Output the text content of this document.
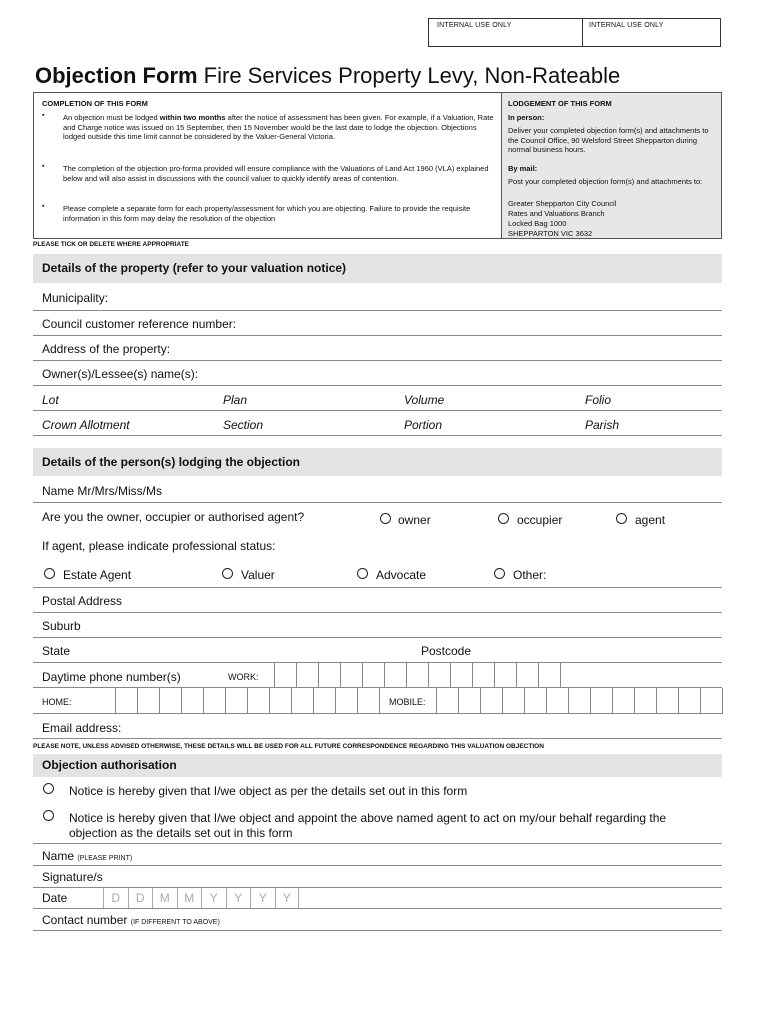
INTERNAL USE ONLY	INTERNAL USE ONLY
Objection Form Fire Services Property Levy, Non-Rateable
COMPLETION OF THIS FORM
▪ An objection must be lodged within two months after the notice of assessment has been given. For example, if a Valuation, Rate and Charge notice was issued on 15 September, then 15 November would be the last date to lodge the objection. Objections lodged outside this time limit cannot be considered by the Valuer-General Victoria.
▪ The completion of the objection pro-forma provided will ensure compliance with the Valuations of Land Act 1960 (VLA) explained below and will also assist in discussions with the council valuer to quickly identify areas of contention.
▪ Please complete a separate form for each property/assessment for which you are objecting. Failure to provide the requisite information in this form may delay the resolution of the objection
LODGEMENT OF THIS FORM
In person:
Deliver your completed objection form(s) and attachments to the Council Office, 90 Welsford Street Shepparton during normal business hours.
By mail:
Post your completed objection form(s) and attachments to:
Greater Shepparton City Council
Rates and Valuations Branch
Locked Bag 1000
SHEPPARTON VIC 3632
PLEASE TICK OR DELETE WHERE APPROPRIATE
Details of the property (refer to your valuation notice)
Municipality:
Council customer reference number:
Address of the property:
Owner(s)/Lessee(s) name(s):
Lot	Plan	Volume	Folio
Crown Allotment	Section	Portion	Parish
Details of the person(s) lodging the objection
Name Mr/Mrs/Miss/Ms
Are you the owner, occupier or authorised agent?	owner	occupier	agent
If agent, please indicate professional status:
Estate Agent	Valuer	Advocate	Other:
Postal Address
Suburb
State	Postcode
Daytime phone number(s)	WORK:
HOME:	MOBILE:
Email address:
PLEASE NOTE, UNLESS ADVISED OTHERWISE, THESE DETAILS WILL BE USED FOR ALL FUTURE CORRESPONDENCE REGARDING THIS VALUATION OBJECTION
Objection authorisation
Notice is hereby given that I/we object as per the details set out in this form
Notice is hereby given that I/we object and appoint the above named agent to act on my/our behalf regarding the
objection as the details set out in this form
Name (PLEASE PRINT)
Signature/s
Date	D	D	M	M	Y	Y	Y	Y
Contact number (IF DIFFERENT TO ABOVE)
